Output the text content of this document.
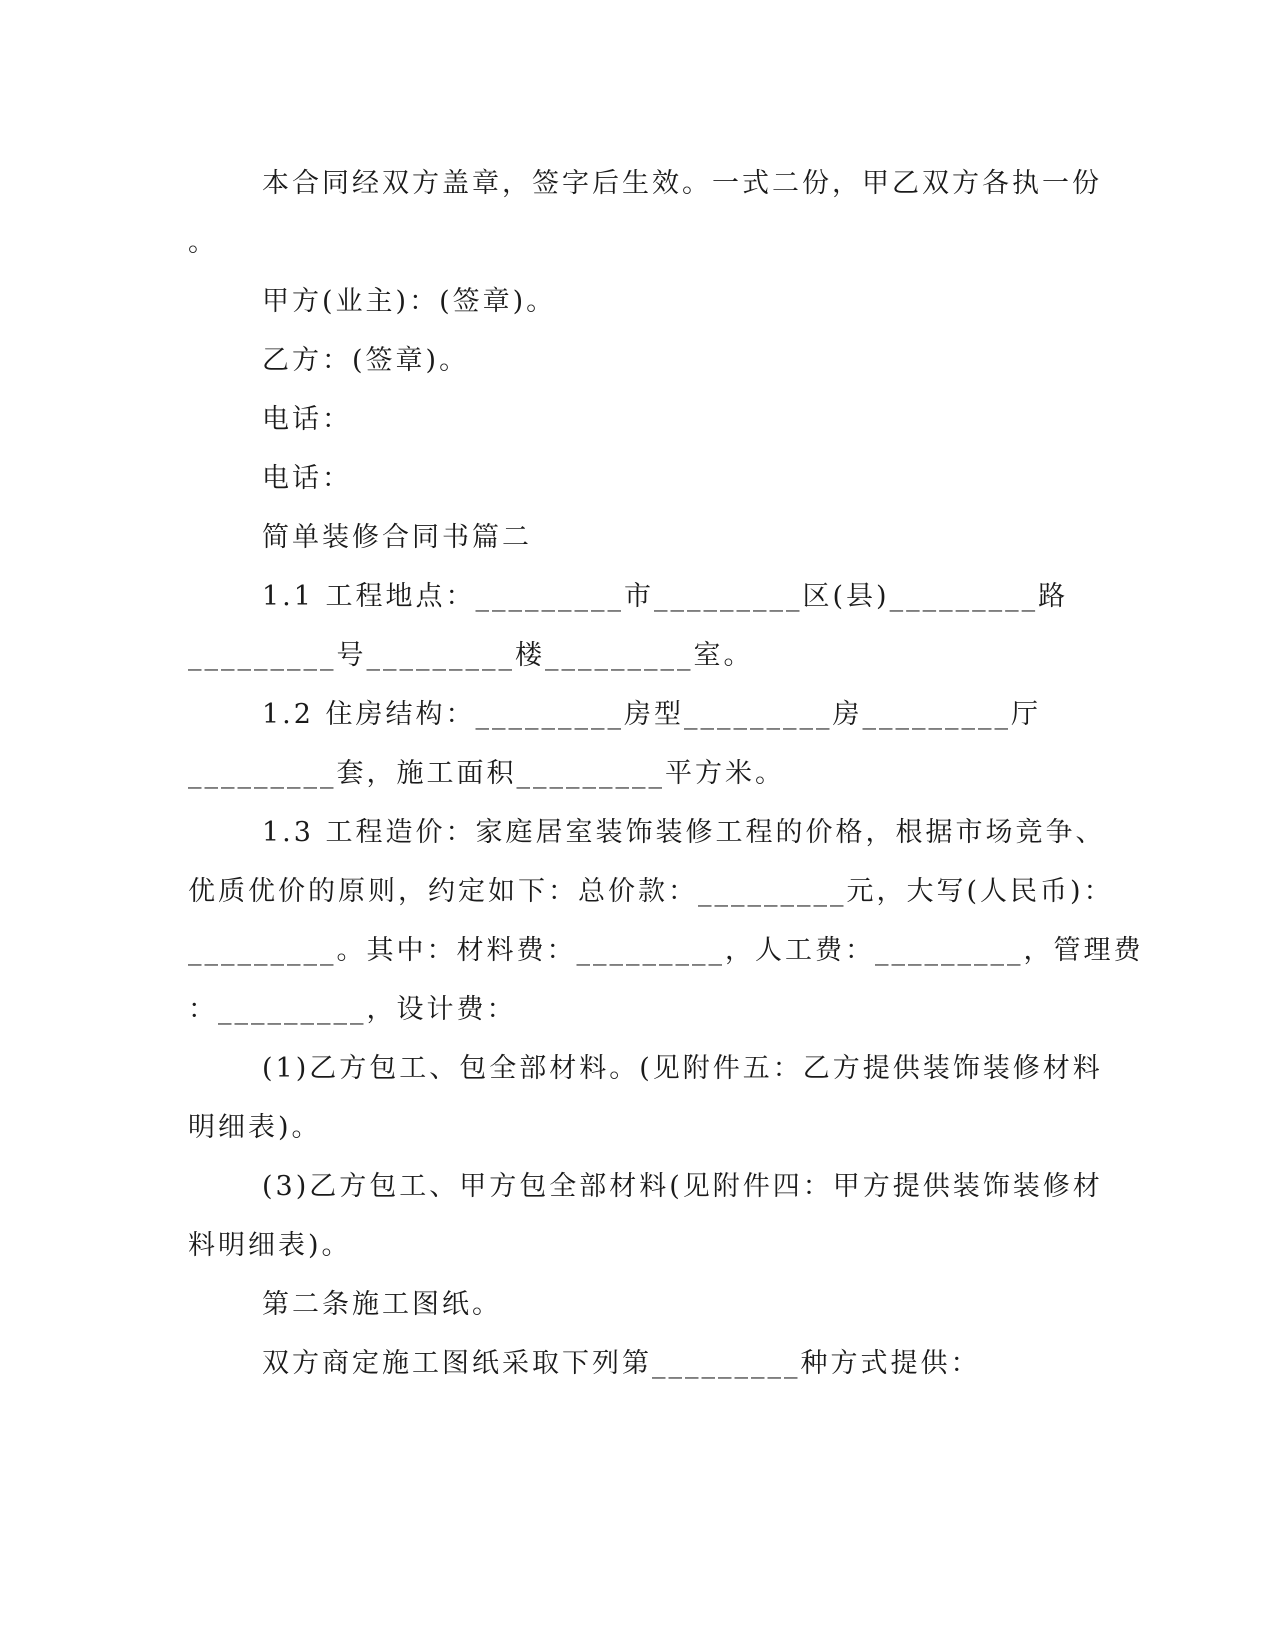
本合同经双方盖章，签字后生效。一式二份，甲乙双方各执一份
。
甲方(业主)：(签章)。
乙方：(签章)。
电话：
电话：
简单装修合同书篇二
1.1 工程地点：_________市_________区(县)_________路
_________号_________楼_________室。
1.2 住房结构：_________房型_________房_________厅
_________套，施工面积_________平方米。
1.3 工程造价：家庭居室装饰装修工程的价格，根据市场竞争、
优质优价的原则，约定如下：总价款：_________元，大写(人民币)：
_________。其中：材料费：_________，人工费：_________，管理费
：_________，设计费：
(1)乙方包工、包全部材料。(见附件五：乙方提供装饰装修材料
明细表)。
(3)乙方包工、甲方包全部材料(见附件四：甲方提供装饰装修材
料明细表)。
第二条施工图纸。
双方商定施工图纸采取下列第_________种方式提供：
